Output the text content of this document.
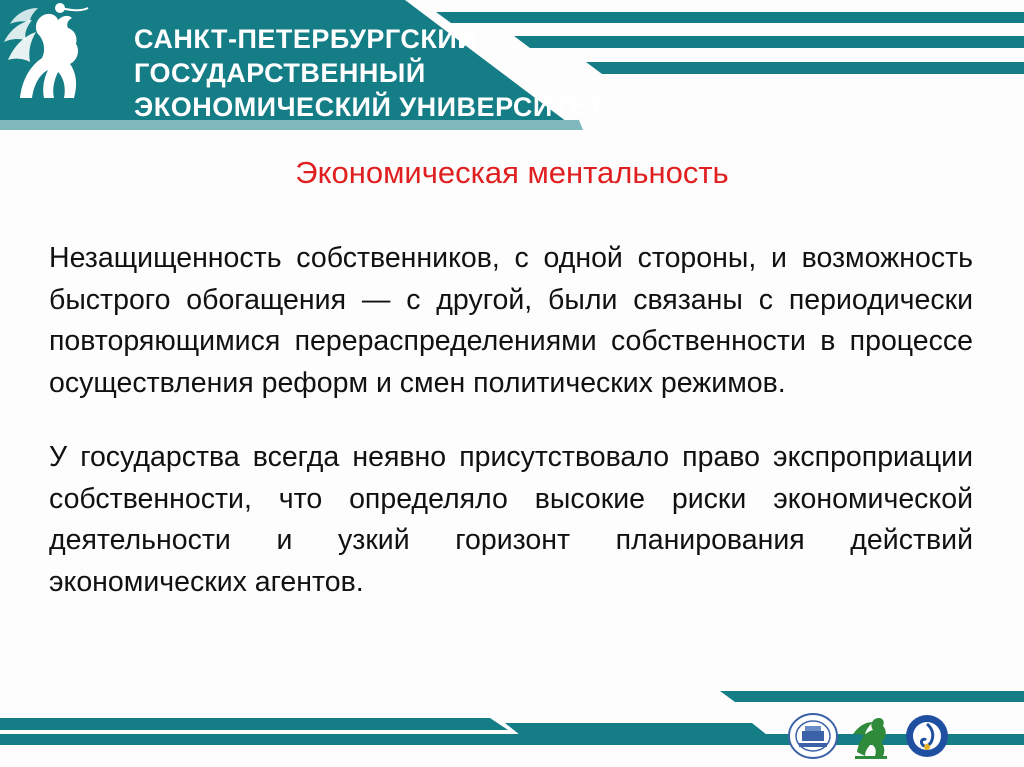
САНКТ-ПЕТЕРБУРГСКИЙ
ГОСУДАРСТВЕННЫЙ
ЭКОНОМИЧЕСКИЙ УНИВЕРСИТЕТ
Экономическая ментальность

Незащищенность собственников, с одной стороны, и возможность быстрого обогащения — с другой, были связаны с периодически повторяющимися перераспределениями собственности в процессе осуществления реформ и смен политических режимов.

У государства всегда неявно присутствовало право экспроприации собственности, что определяло высокие риски экономической деятельности и узкий горизонт планирования действий экономических агентов.
